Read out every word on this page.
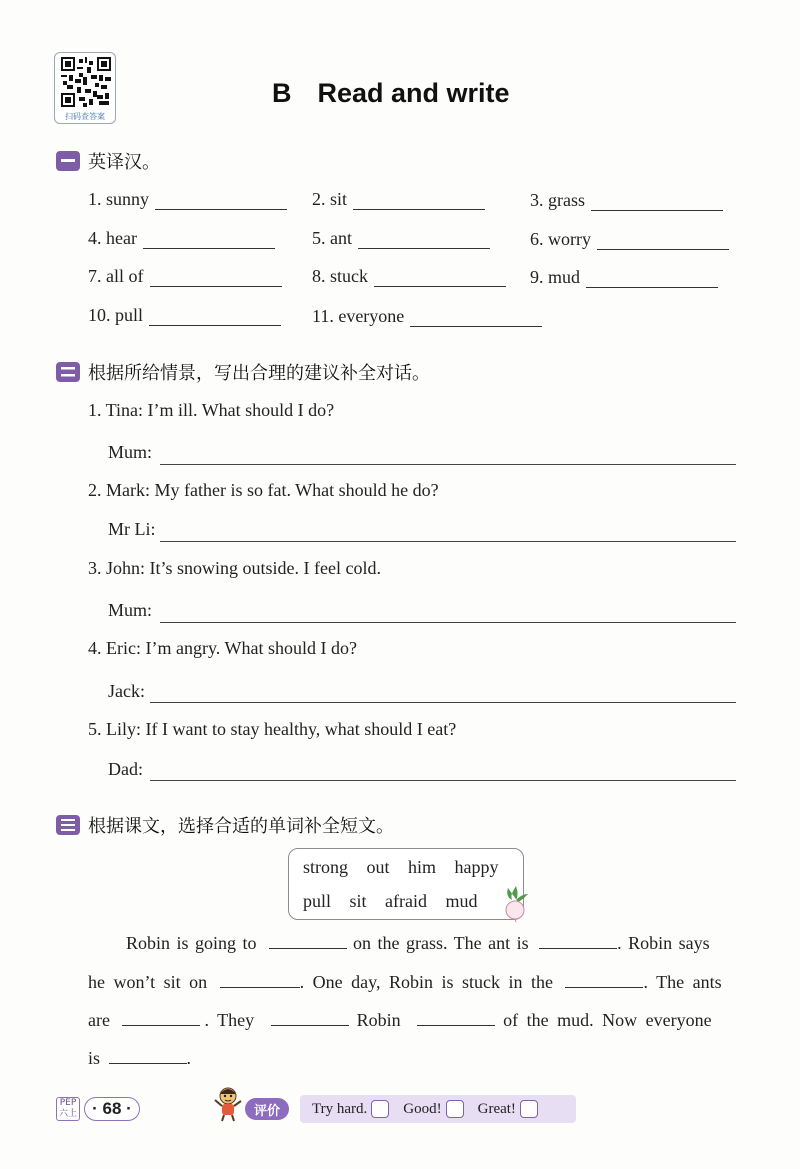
扫码查答案
B Read and write
英译汉。
1. sunny	2. sit	3. grass
4. hear	5. ant	6. worry
7. all of	8. stuck	9. mud
10. pull	11. everyone
根据所给情景，写出合理的建议补全对话。
1. Tina: I’m ill. What should I do?
Mum:
2. Mark: My father is so fat. What should he do?
Mr Li:
3. John: It’s snowing outside. I feel cold.
Mum:
4. Eric: I’m angry. What should I do?
Jack:
5. Lily: If I want to stay healthy, what should I eat?
Dad:
根据课文，选择合适的单词补全短文。
strong out him happy
pull sit afraid mud
Robin is going to	on the grass. The ant is	. Robin says
he won’t sit on	. One day, Robin is stuck in the	. The ants
are	. They	Robin	of the mud. Now everyone
is	.
PEP
六上 · 68 ·	评价	Try hard. Good! Great!
